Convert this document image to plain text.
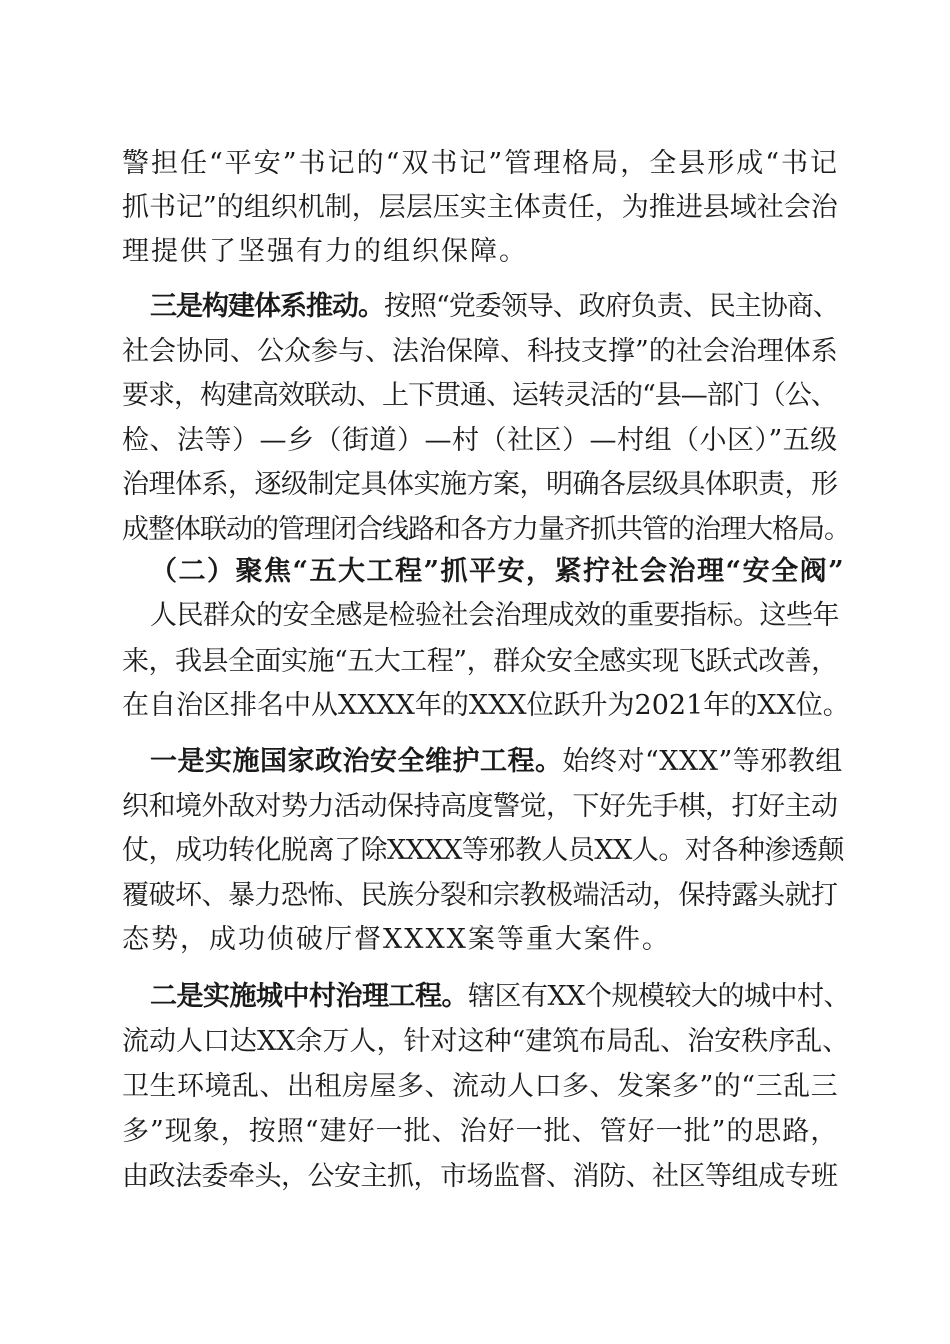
警担任“平安”书记的“双书记”管理格局，全县形成“书记
抓书记”的组织机制，层层压实主体责任，为推进县域社会治
理提供了坚强有力的组织保障。
三是构建体系推动。按照“党委领导、政府负责、民主协商、
社会协同、公众参与、法治保障、科技支撑”的社会治理体系
要求，构建高效联动、上下贯通、运转灵活的“县—部门（公、
检、法等）—乡（街道）—村（社区）—村组（小区）”五级
治理体系，逐级制定具体实施方案，明确各层级具体职责，形
成整体联动的管理闭合线路和各方力量齐抓共管的治理大格局。
（二）聚焦“五大工程”抓平安，紧拧社会治理“安全阀”
人民群众的安全感是检验社会治理成效的重要指标。这些年
来，我县全面实施“五大工程”，群众安全感实现飞跃式改善，
在自治区排名中从XXXX年的XXX位跃升为2021年的XX位。
一是实施国家政治安全维护工程。始终对“XXX”等邪教组
织和境外敌对势力活动保持高度警觉，下好先手棋，打好主动
仗，成功转化脱离了除XXXX等邪教人员XX人。对各种渗透颠
覆破坏、暴力恐怖、民族分裂和宗教极端活动，保持露头就打
态势，成功侦破厅督XXXX案等重大案件。
二是实施城中村治理工程。辖区有XX个规模较大的城中村、
流动人口达XX余万人，针对这种“建筑布局乱、治安秩序乱、
卫生环境乱、出租房屋多、流动人口多、发案多”的“三乱三
多”现象，按照“建好一批、治好一批、管好一批”的思路，
由政法委牵头，公安主抓，市场监督、消防、社区等组成专班
